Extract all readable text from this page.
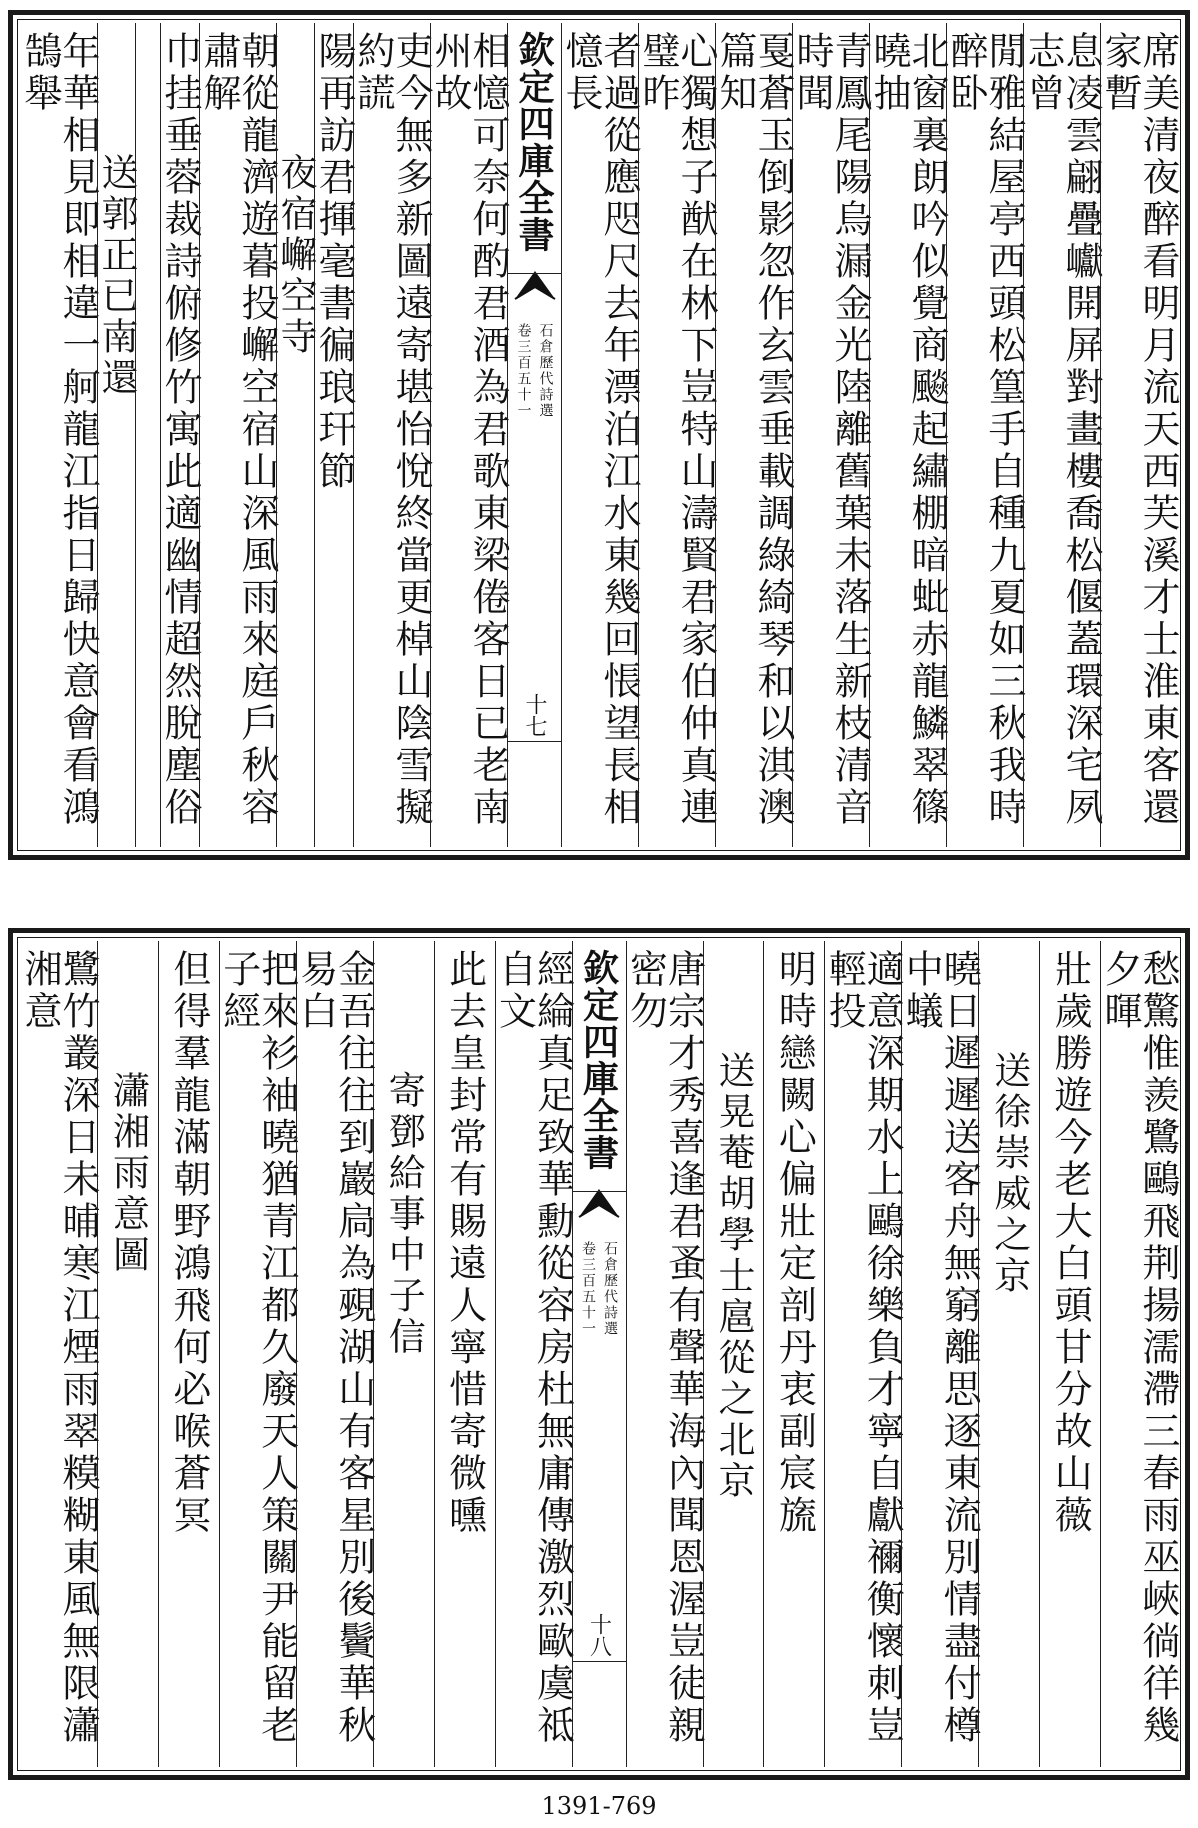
席美清夜醉看明月流天西芙溪才士淮東客還家暫
息凌雲翩疊巘開屏對畫樓喬松偃蓋環深宅夙志曾
閒雅結屋亭西頭松篁手自種九夏如三秋我時醉卧
北窗裏朗吟似覺商飈起繡棚暗蚍赤龍鱗翠篠曉抽
青鳳尾陽烏漏金光陸離舊葉未落生新枝清音時聞
戛蒼玉倒影忽作玄雲垂載調綠綺琴和以淇澳篇知
心獨想子猷在林下豈特山濤賢君家伯仲真連璧昨
者過從應咫尺去年漂泊江水東幾回悵望長相憶長
欽定四庫全書
石倉歷代詩選
卷三百五十一
十七
相憶可奈何酌君酒為君歌東梁倦客日已老南州故
吏今無多新圖遠寄堪怡悅終當更棹山陰雪擬約謊
陽再訪君揮毫書徧琅玕節
夜宿嶰空寺
朝從龍濟遊暮投嶰空宿山深風雨來庭戶秋容肅解
巾挂垂蓉裁詩俯修竹寓此適幽情超然脫塵俗
送郭正已南還
年華相見即相違一舸龍江指日歸快意會看鴻鵠舉
愁驚惟羨鷺鷗飛荆揚濡滯三春雨巫峽徜徉幾夕暉
壯歲勝遊今老大白頭甘分故山薇
送徐崇威之京
曉日遲遲送客舟無窮離思逐東流別情盡付樽中蟻
適意深期水上鷗徐樂負才寧自獻禰衡懷刺豈輕投
明時戀闕心偏壯定剖丹衷副宸旒
送晃菴胡學士扈從之北京
唐宗才秀喜逢君蚤有聲華海內聞恩渥豈徒親密勿
欽定四庫全書
石倉歷代詩選
卷三百五十一
十八
經綸真足致華勳從容房杜無庸傳激烈歐虞祗自文
此去皇封常有賜遠人寧惜寄微曛
寄鄧給事中子信
金吾往往到巖扃為覡湖山有客星別後鬢華秋易白
把來衫袖曉猶青江都久廢天人策關尹能留老子經
但得羣龍滿朝野鴻飛何必喉蒼冥
瀟湘雨意圖
鷺竹叢深日未晡寒江煙雨翠糢糊東風無限瀟湘意
1391-769
